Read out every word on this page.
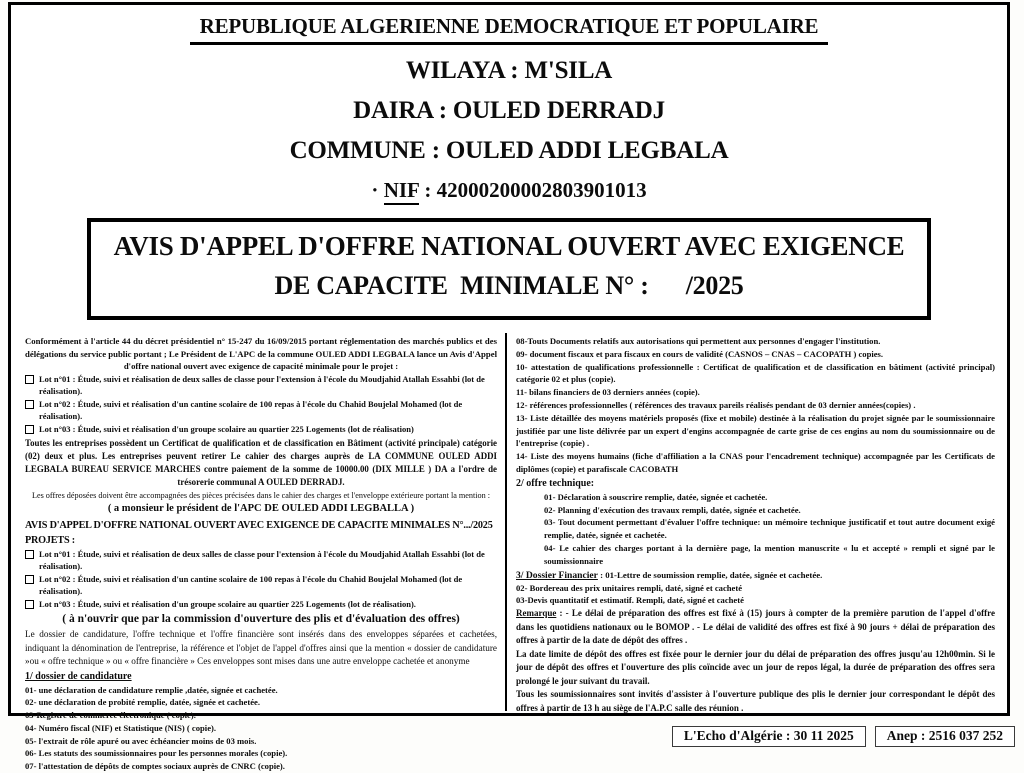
REPUBLIQUE ALGERIENNE DEMOCRATIQUE ET POPULAIRE
WILAYA : M'SILA
DAIRA : OULED DERRADJ
COMMUNE : OULED ADDI LEGBALA
· NIF : 42000200002803901013
AVIS D'APPEL D'OFFRE NATIONAL OUVERT AVEC EXIGENCE
DE CAPACITE  MINIMALE N° :      /2025
Conformément à l'article 44 du décret présidentiel n° 15-247 du 16/09/2015 portant réglementation des marchés publics et des délégations du service public portant ; Le Président de L'APC de la commune OULED ADDI LEGBALA lance un Avis d'Appel d'offre national ouvert avec exigence de capacité minimale pour le projet :
Lot n°01 : Étude, suivi et réalisation de deux salles de classe pour l'extension à l'école du Moudjahid Atallah Essahbi (lot de réalisation).
Lot n°02 : Étude, suivi et réalisation d'un cantine scolaire de 100 repas à l'école du Chahid Boujelal Mohamed (lot de réalisation).
Lot n°03 : Étude, suivi et réalisation d'un groupe scolaire au quartier 225 Logements (lot de réalisation)
Toutes les entreprises possèdent un Certificat de qualification et de classification en Bâtiment (activité principale) catégorie (02) deux et plus. Les entreprises peuvent retirer Le cahier des charges auprès de LA COMMUNE OULED ADDI LEGBALA BUREAU SERVICE MARCHES contre paiement de la somme de 10000.00 (DIX MILLE ) DA a l'ordre de trésorerie communal A OULED DERRADJ.
Les offres déposées doivent être accompagnées des pièces précisées dans le cahier des charges et l'enveloppe extérieure portant la mention :
( a monsieur le président de l'APC DE OULED ADDI LEGBALLA )
AVIS D'APPEL D'OFFRE NATIONAL OUVERT AVEC EXIGENCE DE CAPACITE MINIMALES N°.../2025 PROJETS :
Lot n°01 : Étude, suivi et réalisation de deux salles de classe pour l'extension à l'école du Moudjahid Atallah Essahbi (lot de réalisation).
Lot n°02 : Étude, suivi et réalisation d'un cantine scolaire de 100 repas à l'école du Chahid Boujelal Mohamed (lot de réalisation).
Lot n°03 : Étude, suivi et réalisation d'un groupe scolaire au quartier 225 Logements (lot de réalisation).
( à n'ouvrir que par la commission d'ouverture des plis et d'évaluation des offres)
Le dossier de candidature, l'offre technique et l'offre financière sont insérés dans des enveloppes séparées et cachetées, indiquant la dénomination de l'entreprise, la référence et l'objet de l'appel d'offres ainsi que la mention « dossier de candidature »ou « offre technique » ou « offre financière » Ces enveloppes sont mises dans une autre enveloppe cachetée et anonyme
1/ dossier de candidature
01- une déclaration de candidature remplie ,datée, signée et cachetée.
02- une déclaration de probité remplie, datée, signée et cachetée.
03-Registre de commerce électronique ( copie).
04- Numéro fiscal (NIF) et Statistique (NIS) ( copie).
05- l'extrait de rôle apuré ou avec échéancier moins de 03 mois.
06- Les statuts des soumissionnaires pour les personnes morales (copie).
07- l'attestation de dépôts de comptes sociaux auprès de CNRC (copie).
08-Touts Documents relatifs aux autorisations qui permettent aux personnes d'engager l'institution.
09- document fiscaux et para fiscaux en cours de validité (CASNOS – CNAS – CACOPATH ) copies.
10- attestation de qualifications professionnelle : Certificat de qualification et de classification en bâtiment (activité principal) catégorie 02 et plus (copie).
11- bilans financiers de 03 derniers années (copie).
12- références professionnelles ( références des travaux pareils réalisés pendant de 03 dernier années(copies) .
13- Liste détaillée des moyens matériels proposés (fixe et mobile) destinée à la réalisation du projet signée par le soumissionnaire justifiée par une liste délivrée par un expert d'engins accompagnée de carte grise de ces engins au nom du soumissionnaire ou de l'entreprise (copie) .
14- Liste des moyens humains (fiche d'affiliation a la CNAS pour l'encadrement technique) accompagnée par les Certificats de diplômes (copie) et parafiscale CACOBATH
2/ offre technique:
01- Déclaration à souscrire remplie, datée, signée et cachetée.
02- Planning d'exécution des travaux rempli, datée, signée et cachetée.
03- Tout document permettant d'évaluer l'offre technique: un mémoire technique justificatif et tout autre document exigé remplie, datée, signée et cachetée.
04- Le cahier des charges portant à la dernière page, la mention manuscrite « lu et accepté » rempli et signé par le soumissionnaire
3/ Dossier Financier : 01-Lettre de soumission remplie, datée, signée et cachetée.
02- Bordereau des prix unitaires rempli, daté, signé et cacheté
03-Devis quantitatif et estimatif. Rempli, daté, signé et cacheté
Remarque : - Le délai de préparation des offres est fixé à (15) jours à compter de la première parution de l'appel d'offre dans les quotidiens nationaux ou le BOMOP . - Le délai de validité des offres est fixé à 90 jours + délai de préparation des offres à partir de la date de dépôt des offres .
La date limite de dépôt des offres est fixée pour le dernier jour du délai de préparation des offres jusqu'au 12h00min. Si le jour de dépôt des offres et l'ouverture des plis coïncide avec un jour de repos légal, la durée de préparation des offres sera prolongé le jour suivant du travail.
Tous les soumissionnaires sont invités d'assister à l'ouverture publique des plis le dernier jour correspondant le dépôt des offres à partir de 13 h au siège de l'A.P.C salle des réunion .
L'Echo d'Algérie : 30 11 2025	Anep : 2516 037 252
